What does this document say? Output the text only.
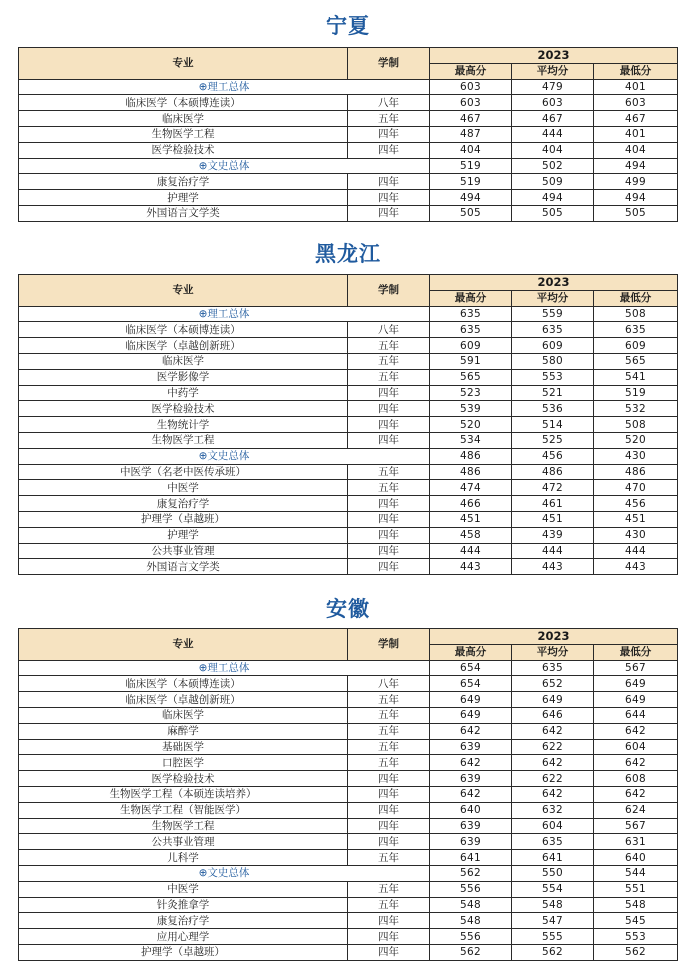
宁夏
专业	学制	2023		
		最高分	平均分	最低分
⊕理工总体		603	479	401
临床医学（本硕博连读）	八年	603	603	603
临床医学	五年	467	467	467
生物医学工程	四年	487	444	401
医学检验技术	四年	404	404	404
⊕文史总体		519	502	494
康复治疗学	四年	519	509	499
护理学	四年	494	494	494
外国语言文学类	四年	505	505	505
黑龙江
专业	学制	2023		
		最高分	平均分	最低分
⊕理工总体		635	559	508
临床医学（本硕博连读）	八年	635	635	635
临床医学（卓越创新班）	五年	609	609	609
临床医学	五年	591	580	565
医学影像学	五年	565	553	541
中药学	四年	523	521	519
医学检验技术	四年	539	536	532
生物统计学	四年	520	514	508
生物医学工程	四年	534	525	520
⊕文史总体		486	456	430
中医学（名老中医传承班）	五年	486	486	486
中医学	五年	474	472	470
康复治疗学	四年	466	461	456
护理学（卓越班）	四年	451	451	451
护理学	四年	458	439	430
公共事业管理	四年	444	444	444
外国语言文学类	四年	443	443	443
安徽
专业	学制	2023		
		最高分	平均分	最低分
⊕理工总体		654	635	567
临床医学（本硕博连读）	八年	654	652	649
临床医学（卓越创新班）	五年	649	649	649
临床医学	五年	649	646	644
麻醉学	五年	642	642	642
基础医学	五年	639	622	604
口腔医学	五年	642	642	642
医学检验技术	四年	639	622	608
生物医学工程（本硕连读培养）	四年	642	642	642
生物医学工程（智能医学）	四年	640	632	624
生物医学工程	四年	639	604	567
公共事业管理	四年	639	635	631
儿科学	五年	641	641	640
⊕文史总体		562	550	544
中医学	五年	556	554	551
针灸推拿学	五年	548	548	548
康复治疗学	四年	548	547	545
应用心理学	四年	556	555	553
护理学（卓越班）	四年	562	562	562
